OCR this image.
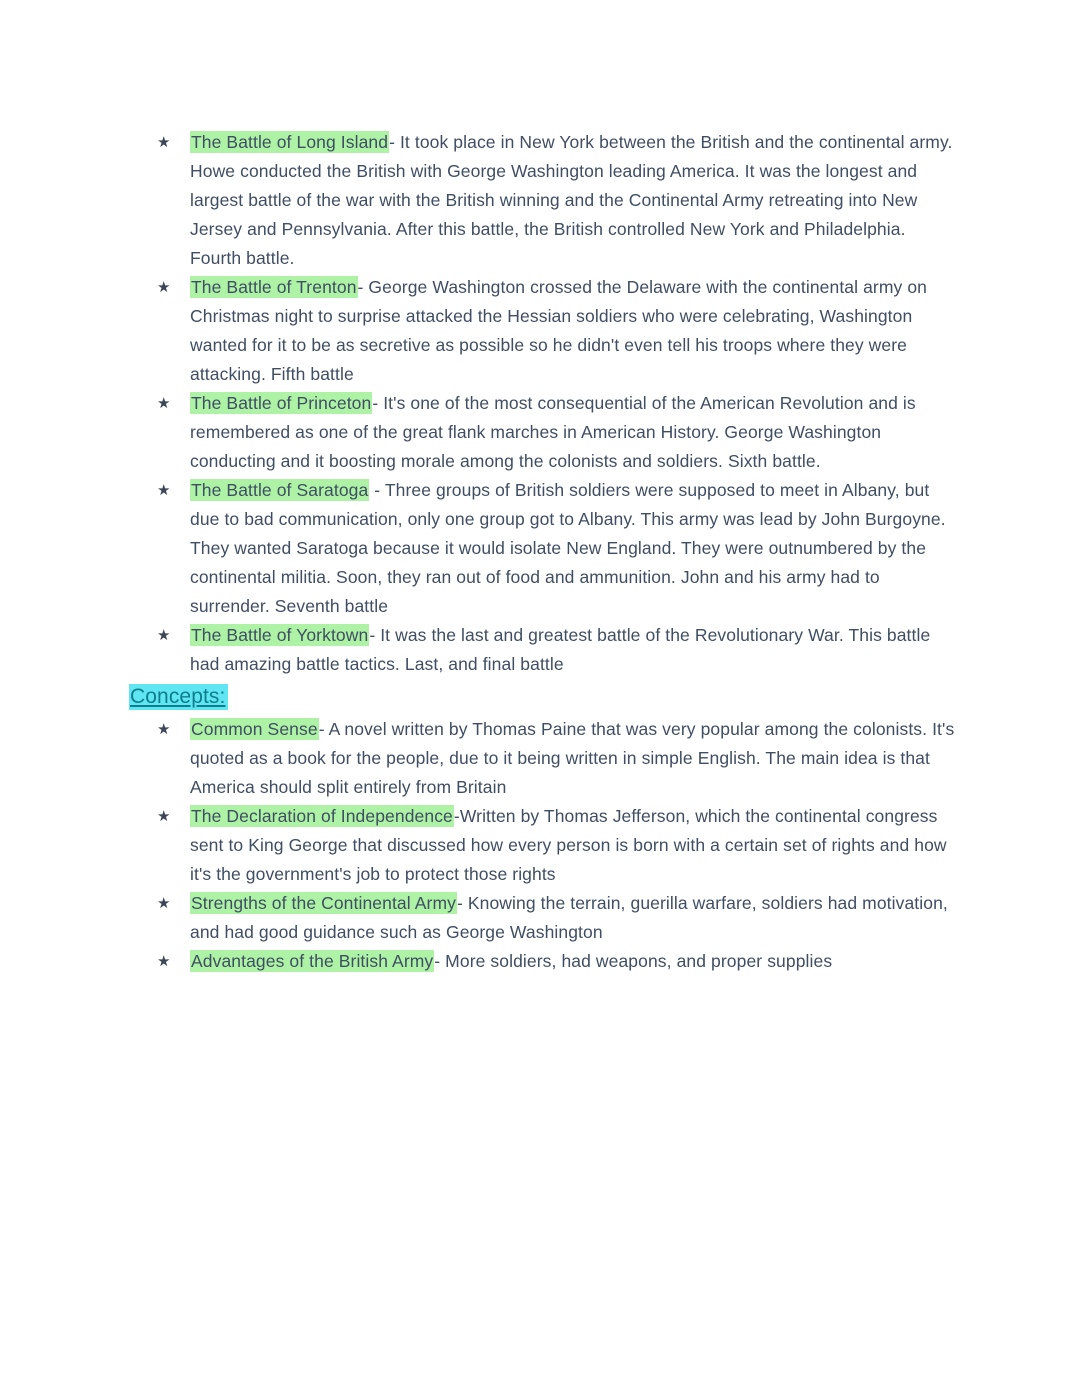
★	The Battle of Long Island- It took place in New York between the British and the continental army. Howe conducted the British with George Washington leading America. It was the longest and largest battle of the war with the British winning and the Continental Army retreating into New Jersey and Pennsylvania. After this battle, the British controlled New York and Philadelphia. Fourth battle.
★	The Battle of Trenton- George Washington crossed the Delaware with the continental army on Christmas night to surprise attacked the Hessian soldiers who were celebrating, Washington wanted for it to be as secretive as possible so he didn't even tell his troops where they were attacking. Fifth battle
★	The Battle of Princeton- It's one of the most consequential of the American Revolution and is remembered as one of the great flank marches in American History. George Washington conducting and it boosting morale among the colonists and soldiers. Sixth battle.
★	The Battle of Saratoga - Three groups of British soldiers were supposed to meet in Albany, but due to bad communication, only one group got to Albany. This army was lead by John Burgoyne. They wanted Saratoga because it would isolate New England. They were outnumbered by the continental militia. Soon, they ran out of food and ammunition. John and his army had to surrender. Seventh battle
★	The Battle of Yorktown- It was the last and greatest battle of the Revolutionary War. This battle had amazing battle tactics. Last, and final battle
Concepts:
★	Common Sense- A novel written by Thomas Paine that was very popular among the colonists. It's quoted as a book for the people, due to it being written in simple English. The main idea is that America should split entirely from Britain
★	The Declaration of Independence-Written by Thomas Jefferson, which the continental congress sent to King George that discussed how every person is born with a certain set of rights and how it's the government's job to protect those rights
★	Strengths of the Continental Army- Knowing the terrain, guerilla warfare, soldiers had motivation, and had good guidance such as George Washington
★	Advantages of the British Army- More soldiers, had weapons, and proper supplies
